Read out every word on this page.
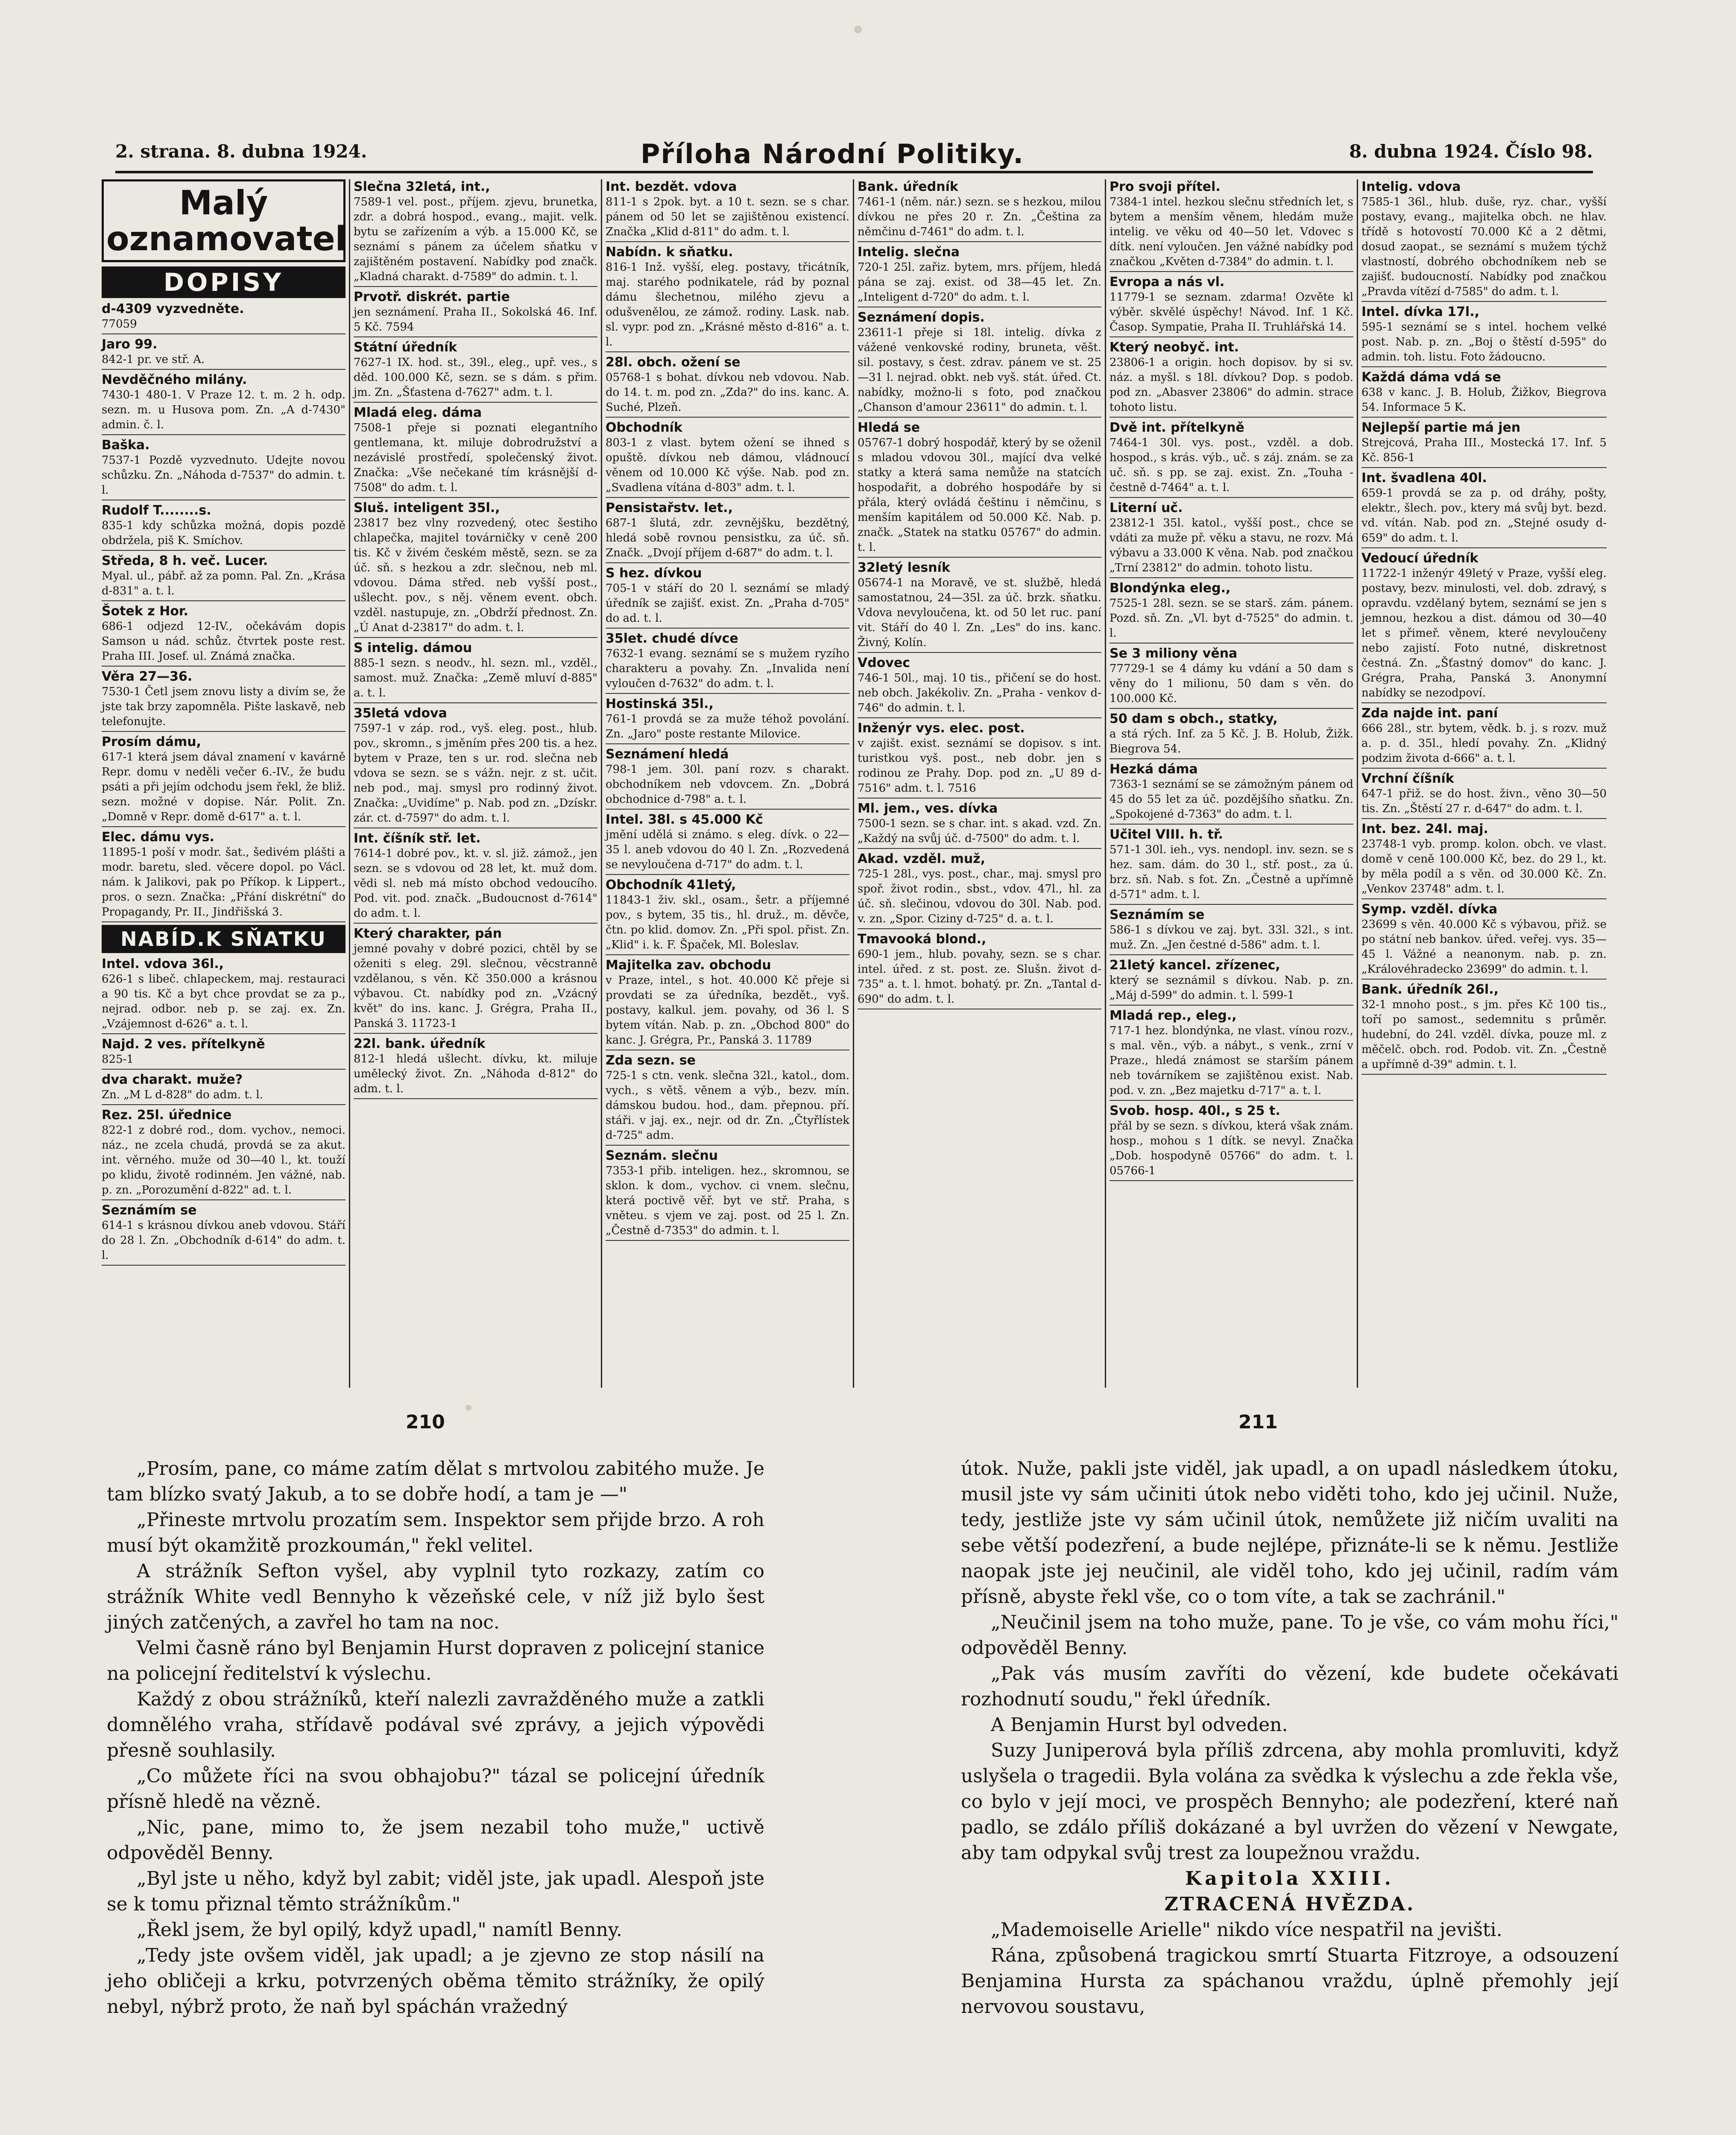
2. strana. 8. dubna 1924.	Příloha Národní Politiky.	8. dubna 1924. Číslo 98.
Malý
oznamovatel
DOPISY
d-4309 vyzvedněte.
77059
Jaro 99.
842-1 pr. ve stř. A.
Nevděčného milány.
7430-1 480-1. V Praze 12. t. m. 2 h. odp. sezn. m. u Husova pom. Zn. „A d-7430" admin. č. l.
Baška.
7537-1 Pozdě vyzvednuto. Udejte novou schůzku. Zn. „Náhoda d-7537" do admin. t. l.
Rudolf T........s.
835-1 kdy schůzka možná, dopis pozdě obdržela, piš K. Smíchov.
Středa, 8 h. več. Lucer.
Myal. ul., pábř. až za pomn. Pal. Zn. „Krása d-831" a. t. l.
Šotek z Hor.
686-1 odjezd 12-IV., očekávám dopis Samson u nád. schůz. čtvrtek poste rest. Praha III. Josef. ul. Známá značka.
Věra 27—36.
7530-1 Četl jsem znovu listy a divím se, že jste tak brzy zapomněla. Pište laskavě, neb telefonujte.
Prosím dámu,
617-1 která jsem dával znamení v kavárně Repr. domu v neděli večer 6.-IV., že budu psáti a při jejím odchodu jsem řekl, že bliž. sezn. možné v dopise. Nár. Polit. Zn. „Domně v Repr. domě d-617" a. t. l.
Elec. dámu vys.
11895-1 poší v modr. šat., šedivém plášti a modr. baretu, sled. věcere dopol. po Václ. nám. k Jalikovi, pak po Příkop. k Lippert., pros. o sezn. Značka: „Přání diskrétní" do Propagandy, Pr. II., Jindřišská 3.
NABÍD.K SŇATKU
Intel. vdova 36l.,
626-1 s libeč. chlapeckem, maj. restauraci a 90 tis. Kč a byt chce provdat se za p., nejrad. odbor. neb p. se zaj. ex. Zn. „Vzájemnost d-626" a. t. l.
Najd. 2 ves. přítelkyně
825-1
dva charakt. muže?
Zn. „M L d-828" do adm. t. l.
Rez. 25l. úřednice
822-1 z dobré rod., dom. vychov., nemoci. náz., ne zcela chudá, provdá se za akut. int. věrného. muže od 30—40 l., kt. touží po klidu, životě rodinném. Jen vážné, nab. p. zn. „Porozumění d-822" ad. t. l.
Seznámím se
614-1 s krásnou dívkou aneb vdovou. Stáří do 28 l. Zn. „Obchodník d-614" do adm. t. l.
Slečna 32letá, int.,
7589-1 vel. post., příjem. zjevu, brunetka, zdr. a dobrá hospod., evang., majit. velk. bytu se zařízením a výb. a 15.000 Kč, se seznámí s pánem za účelem sňatku v zajištěném postavení. Nabídky pod značk. „Kladná charakt. d-7589" do admin. t. l.
Prvotř. diskrét. partie
jen seznámení. Praha II., Sokolská 46. Inf. 5 Kč. 7594
Státní úředník
7627-1 IX. hod. st., 39l., eleg., upř. ves., s děd. 100.000 Kč, sezn. se s dám. s přim. jm. Zn. „Šťastena d-7627" adm. t. l.
Mladá eleg. dáma
7508-1 přeje si poznati elegantního gentlemana, kt. miluje dobrodružství a nezávislé prostředí, společenský život. Značka: „Vše nečekané tím krásnější d-7508" do adm. t. l.
Sluš. inteligent 35l.,
23817 bez vlny rozvedený, otec šestiho chlapečka, majitel továrničky v ceně 200 tis. Kč v živém českém městě, sezn. se za úč. sň. s hezkou a zdr. slečnou, neb ml. vdovou. Dáma střed. neb vyšší post., ušlecht. pov., s něj. věnem event. obch. vzděl. nastupuje, zn. „Obdrží přednost. Zn. „Ú Anat d-23817" do adm. t. l.
S intelig. dámou
885-1 sezn. s neodv., hl. sezn. ml., vzděl., samost. muž. Značka: „Země mluví d-885" a. t. l.
35letá vdova
7597-1 v záp. rod., vyš. eleg. post., hlub. pov., skromn., s jměním přes 200 tis. a hez. bytem v Praze, ten s ur. rod. slečna neb vdova se sezn. se s vážn. nejr. z st. učit. neb pod., maj. smysl pro rodinný život. Značka: „Uvidíme" p. Nab. pod zn. „Dzískr. zár. ct. d-7597" do adm. t. l.
Int. číšník stř. let.
7614-1 dobré pov., kt. v. sl. již. zámož., jen sezn. se s vdovou od 28 let, kt. muž dom. vědi sl. neb má místo obchod vedoucího. Pod. vit. pod. značk. „Budoucnost d-7614" do adm. t. l.
Který charakter, pán
jemné povahy v dobré pozici, chtěl by se oženiti s eleg. 29l. slečnou, věcstranně vzdělanou, s věn. Kč 350.000 a krásnou výbavou. Ct. nabídky pod zn. „Vzácný květ" do ins. kanc. J. Grégra, Praha II., Panská 3. 11723-1
22l. bank. úředník
812-1 hledá ušlecht. dívku, kt. miluje umělecký život. Zn. „Náhoda d-812" do adm. t. l.
Int. bezdět. vdova
811-1 s 2pok. byt. a 10 t. sezn. se s char. pánem od 50 let se zajištěnou existencí. Značka „Klid d-811" do adm. t. l.
Nabídn. k sňatku.
816-1 Inž. vyšší, eleg. postavy, třicátník, maj. starého podnikatele, rád by poznal dámu šlechetnou, milého zjevu a odušvenělou, ze zámož. rodiny. Lask. nab. sl. vypr. pod zn. „Krásné město d-816" a. t. l.
28l. obch. ožení se
05768-1 s bohat. dívkou neb vdovou. Nab. do 14. t. m. pod zn. „Zda?" do ins. kanc. A. Suché, Plzeň.
Obchodník
803-1 z vlast. bytem ožení se ihned s opuště. dívkou neb dámou, vládnoucí věnem od 10.000 Kč výše. Nab. pod zn. „Svadlena vítána d-803" adm. t. l.
Pensistařstv. let.,
687-1 šlutá, zdr. zevnějšku, bezdětný, hledá sobě rovnou pensistku, za úč. sň. Značk. „Dvojí příjem d-687" do adm. t. l.
S hez. dívkou
705-1 v stáří do 20 l. seznámí se mladý úředník se zajišť. exist. Zn. „Praha d-705" do ad. t. l.
35let. chudé dívce
7632-1 evang. seznámí se s mužem ryzího charakteru a povahy. Zn. „Invalida není vyloučen d-7632" do adm. t. l.
Hostinská 35l.,
761-1 provdá se za muže téhož povolání. Zn. „Jaro" poste restante Milovice.
Seznámení hledá
798-1 jem. 30l. paní rozv. s charakt. obchodníkem neb vdovcem. Zn. „Dobrá obchodnice d-798" a. t. l.
Intel. 38l. s 45.000 Kč
jmění udělá si známo. s eleg. dívk. o 22—35 l. aneb vdovou do 40 l. Zn. „Rozvedená se nevyloučena d-717" do adm. t. l.
Obchodník 41letý,
11843-1 živ. skl., osam., šetr. a příjemné pov., s bytem, 35 tis., hl. druž., m. děvče, čtn. po klid. domov. Zn. „Při spol. přist. Zn. „Klid" i. k. F. Špaček, Ml. Boleslav.
Majitelka zav. obchodu
v Praze, intel., s hot. 40.000 Kč přeje si provdati se za úředníka, bezdět., vyš. postavy, kalkul. jem. povahy, od 36 l. S bytem vítán. Nab. p. zn. „Obchod 800" do kanc. J. Grégra, Pr., Panská 3. 11789
Zda sezn. se
725-1 s ctn. venk. slečna 32l., katol., dom. vych., s větš. věnem a výb., bezv. mín. dámskou budou. hod., dam. přepnou. pří. stáři. v jaj. ex., nejr. od dr. Zn. „Čtyřlístek d-725" adm.
Seznám. slečnu
7353-1 přib. inteligen. hez., skromnou, se sklon. k dom., vychov. ci vnem. slečnu, která poctivě věř. byt ve stř. Praha, s vněteu. s vjem ve zaj. post. od 25 l. Zn. „Čestně d-7353" do admin. t. l.
Bank. úředník
7461-1 (něm. nár.) sezn. se s hezkou, milou dívkou ne přes 20 r. Zn. „Čeština za němčinu d-7461" do adm. t. l.
Intelig. slečna
720-1 25l. zařiz. bytem, mrs. příjem, hledá pána se zaj. exist. od 38—45 let. Zn. „Inteligent d-720" do adm. t. l.
Seznámení dopis.
23611-1 přeje si 18l. intelig. dívka z vážené venkovské rodiny, bruneta, věšt. sil. postavy, s čest. zdrav. pánem ve st. 25—31 l. nejrad. obkt. neb vyš. stát. úřed. Ct. nabídky, možno-li s foto, pod značkou „Chanson d'amour 23611" do admin. t. l.
Hledá se
05767-1 dobrý hospodář, který by se oženil s mladou vdovou 30l., mající dva velké statky a která sama nemůže na statcích hospodařit, a dobrého hospodáře by si přála, který ovládá češtinu i němčinu, s menším kapitálem od 50.000 Kč. Nab. p. značk. „Statek na statku 05767" do admin. t. l.
32letý lesník
05674-1 na Moravě, ve st. službě, hledá samostatnou, 24—35l. za úč. brzk. sňatku. Vdova nevyloučena, kt. od 50 let ruc. paní vit. Stáří do 40 l. Zn. „Les" do ins. kanc. Živný, Kolín.
Vdovec
746-1 50l., maj. 10 tis., přičení se do host. neb obch. Jakékoliv. Zn. „Praha - venkov d-746" do admin. t. l.
Inženýr vys. elec. post.
v zajišt. exist. seznámí se dopisov. s int. turistkou vyš. post., neb dobr. jen s rodinou ze Prahy. Dop. pod zn. „U 89 d-7516" adm. t. l. 7516
Ml. jem., ves. dívka
7500-1 sezn. se s char. int. s akad. vzd. Zn. „Každý na svůj úč. d-7500" do adm. t. l.
Akad. vzděl. muž,
725-1 28l., vys. post., char., maj. smysl pro spoř. život rodin., sbst., vdov. 47l., hl. za úč. sň. slečinou, vdovou do 30l. Nab. pod. v. zn. „Spor. Ciziny d-725" d. a. t. l.
Tmavooká blond.,
690-1 jem., hlub. povahy, sezn. se s char. intel. úřed. z st. post. ze. Slušn. život d-735" a. t. l. hmot. bohatý. pr. Zn. „Tantal d-690" do adm. t. l.
Pro svoji přítel.
7384-1 intel. hezkou slečnu středních let, s bytem a menším věnem, hledám muže intelig. ve věku od 40—50 let. Vdovec s dítk. není vyloučen. Jen vážné nabídky pod značkou „Květen d-7384" do admin. t. l.
Evropa a nás vl.
11779-1 se seznam. zdarma! Ozvěte kl výběr. skvělé úspěchy! Návod. Inf. 1 Kč. Časop. Sympatie, Praha II. Truhlářská 14.
Který neobyč. int.
23806-1 a origin. hoch dopisov. by si sv. náz. a myšl. s 18l. dívkou? Dop. s podob. pod zn. „Abasver 23806" do admin. strace tohoto listu.
Dvě int. přítelkyně
7464-1 30l. vys. post., vzděl. a dob. hospod., s krás. výb., uč. s záj. znám. se za uč. sň. s pp. se zaj. exist. Zn. „Touha - čestně d-7464" a. t. l.
Literní uč.
23812-1 35l. katol., vyšší post., chce se vdáti za muže př. věku a stavu, ne rozv. Má výbavu a 33.000 K věna. Nab. pod značkou „Trní 23812" do admin. tohoto listu.
Blondýnka eleg.,
7525-1 28l. sezn. se se starš. zám. pánem. Pozd. sň. Zn. „Vl. byt d-7525" do admin. t. l.
Se 3 miliony věna
77729-1 se 4 dámy ku vdání a 50 dam s věny do 1 milionu, 50 dam s věn. do 100.000 Kč.
50 dam s obch., statky,
a stá rých. Inf. za 5 Kč. J. B. Holub, Žižk. Biegrova 54.
Hezká dáma
7363-1 seznámí se se zámožným pánem od 45 do 55 let za úč. pozdějšího sňatku. Zn. „Spokojené d-7363" do adm. t. l.
Učitel VIII. h. tř.
571-1 30l. ieh., vys. nendopl. inv. sezn. se s hez. sam. dám. do 30 l., stř. post., za ú. brz. sň. Nab. s fot. Zn. „Čestně a upřímně d-571" adm. t. l.
Seznámím se
586-1 s dívkou ve zaj. byt. 33l. 32l., s int. muž. Zn. „Jen čestné d-586" adm. t. l.
21letý kancel. zřízenec,
který se seznámil s dívkou. Nab. p. zn. „Máj d-599" do admin. t. l. 599-1
Mladá rep., eleg.,
717-1 hez. blondýnka, ne vlast. vínou rozv., s mal. věn., výb. a nábyt., s venk., zrní v Praze., hledá známost se starším pánem neb továrníkem se zajištěnou exist. Nab. pod. v. zn. „Bez majetku d-717" a. t. l.
Svob. hosp. 40l., s 25 t.
přál by se sezn. s dívkou, která však znám. hosp., mohou s 1 dítk. se nevyl. Značka „Dob. hospodyně 05766" do adm. t. l. 05766-1
Intelig. vdova
7585-1 36l., hlub. duše, ryz. char., vyšší postavy, evang., majitelka obch. ne hlav. třídě s hotovostí 70.000 Kč a 2 dětmi, dosud zaopat., se seznámí s mužem týchž vlastností, dobrého obchodníkem neb se zajišť. budoucností. Nabídky pod značkou „Pravda vítězí d-7585" do adm. t. l.
Intel. dívka 17l.,
595-1 seznámí se s intel. hochem velké post. Nab. p. zn. „Boj o štěstí d-595" do admin. toh. listu. Foto žádoucno.
Každá dáma vdá se
638 v kanc. J. B. Holub, Žižkov, Biegrova 54. Informace 5 K.
Nejlepší partie má jen
Strejcová, Praha III., Mostecká 17. Inf. 5 Kč. 856-1
Int. švadlena 40l.
659-1 provdá se za p. od dráhy, pošty, elektr., šlech. pov., ktery má svůj byt. bezd. vd. vítán. Nab. pod zn. „Stejné osudy d-659" do adm. t. l.
Vedoucí úředník
11722-1 inženýr 49letý v Praze, vyšší eleg. postavy, bezv. minulosti, vel. dob. zdravý, s opravdu. vzdělaný bytem, seznámí se jen s jemnou, hezkou a dist. dámou od 30—40 let s přimeř. věnem, které nevyloučeny nebo zajistí. Foto nutné, diskretnost čestná. Zn. „Šťastný domov" do kanc. J. Grégra, Praha, Panská 3. Anonymní nabídky se nezodpoví.
Zda najde int. paní
666 28l., str. bytem, vědk. b. j. s rozv. muž a. p. d. 35l., hledí povahy. Zn. „Klidný podzim života d-666" a. t. l.
Vrchní číšník
647-1 přiž. se do host. živn., věno 30—50 tis. Zn. „Štěstí 27 r. d-647" do adm. t. l.
Int. bez. 24l. maj.
23748-1 vyb. promp. kolon. obch. ve vlast. domě v ceně 100.000 Kč, bez. do 29 l., kt. by měla podíl a s věn. od 30.000 Kč. Zn. „Venkov 23748" adm. t. l.
Symp. vzděl. dívka
23699 s věn. 40.000 Kč s výbavou, přiž. se po státní neb bankov. úřed. veřej. vys. 35—45 l. Vážné a neanonym. nab. p. zn. „Královéhradecko 23699" do admin. t. l.
Bank. úředník 26l.,
32-1 mnoho post., s jm. přes Kč 100 tis., toří po samost., sedemnitu s průměr. hudební, do 24l. vzděl. dívka, pouze ml. z měčelč. obch. rod. Podob. vit. Zn. „Čestně a upřímně d-39" admin. t. l.
210	211

„Prosím, pane, co máme zatím dělat s mrtvolou zabitého muže. Je tam blízko svatý Jakub, a to se dobře hodí, a tam je —"

„Přineste mrtvolu prozatím sem. Inspektor sem přijde brzo. A roh musí být okamžitě prozkoumán," řekl velitel.

A strážník Sefton vyšel, aby vyplnil tyto rozkazy, zatím co strážník White vedl Bennyho k vězeňské cele, v níž již bylo šest jiných zatčených, a zavřel ho tam na noc.

Velmi časně ráno byl Benjamin Hurst dopraven z policejní stanice na policejní ředitelství k výslechu.

Každý z obou strážníků, kteří nalezli zavražděného muže a zatkli domnělého vraha, střídavě podával své zprávy, a jejich výpovědi přesně souhlasily.

„Co můžete říci na svou obhajobu?" tázal se policejní úředník přísně hledě na vězně.

„Nic, pane, mimo to, že jsem nezabil toho muže," uctivě odpověděl Benny.

„Byl jste u něho, když byl zabit; viděl jste, jak upadl. Alespoň jste se k tomu přiznal těmto strážníkům."

„Řekl jsem, že byl opilý, když upadl," namítl Benny.

„Tedy jste ovšem viděl, jak upadl; a je zjevno ze stop násilí na jeho obličeji a krku, potvrzených oběma těmito strážníky, že opilý nebyl, nýbrž proto, že naň byl spáchán vražedný

útok. Nuže, pakli jste viděl, jak upadl, a on upadl následkem útoku, musil jste vy sám učiniti útok nebo viděti toho, kdo jej učinil. Nuže, tedy, jestliže jste vy sám učinil útok, nemůžete již ničím uvaliti na sebe větší podezření, a bude nejlépe, přiznáte-li se k němu. Jestliže naopak jste jej neučinil, ale viděl toho, kdo jej učinil, radím vám přísně, abyste řekl vše, co o tom víte, a tak se zachránil."

„Neučinil jsem na toho muže, pane. To je vše, co vám mohu říci," odpověděl Benny.

„Pak vás musím zavříti do vězení, kde budete očekávati rozhodnutí soudu," řekl úředník.

A Benjamin Hurst byl odveden.

Suzy Juniperová byla příliš zdrcena, aby mohla promluviti, když uslyšela o tragedii. Byla volána za svědka k výslechu a zde řekla vše, co bylo v její moci, ve prospěch Bennyho; ale podezření, které naň padlo, se zdálo příliš dokázané a byl uvržen do vězení v Newgate, aby tam odpykal svůj trest za loupežnou vraždu.

Kapitola XXIII.

ZTRACENÁ HVĚZDA.

„Mademoiselle Arielle" nikdo více nespatřil na jevišti.

Rána, způsobená tragickou smrtí Stuarta Fitzroye, a odsouzení Benjamina Hursta za spáchanou vraždu, úplně přemohly její nervovou soustavu,
